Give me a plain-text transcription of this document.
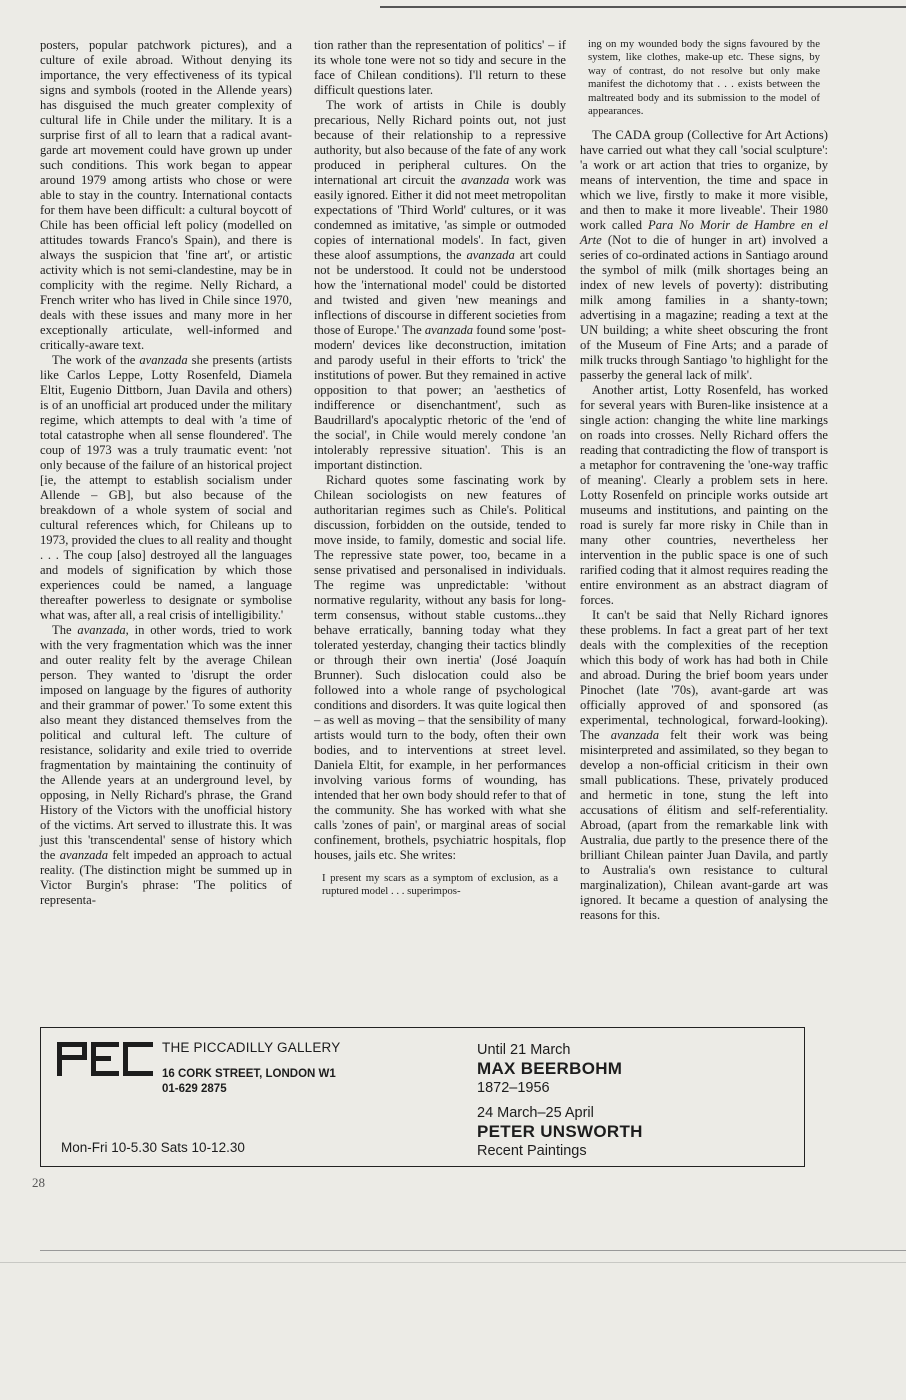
posters, popular patchwork pictures), and a culture of exile abroad. Without denying its importance, the very effectiveness of its typical signs and symbols (rooted in the Allende years) has disguised the much greater complexity of cultural life in Chile under the military. It is a surprise first of all to learn that a radical avant-garde art movement could have grown up under such conditions. This work began to appear around 1979 among artists who chose or were able to stay in the country. International contacts for them have been difficult: a cultural boycott of Chile has been official left policy (modelled on attitudes towards Franco's Spain), and there is always the suspicion that 'fine art', or artistic activity which is not semi-clandestine, may be in complicity with the regime. Nelly Richard, a French writer who has lived in Chile since 1970, deals with these issues and many more in her exceptionally articulate, well-informed and critically-aware text.

The work of the avanzada she presents (artists like Carlos Leppe, Lotty Rosenfeld, Diamela Eltit, Eugenio Dittborn, Juan Davila and others) is of an unofficial art produced under the military regime, which attempts to deal with 'a time of total catastrophe when all sense floundered'. The coup of 1973 was a truly traumatic event: 'not only because of the failure of an historical project [ie, the attempt to establish socialism under Allende – GB], but also because of the breakdown of a whole system of social and cultural references which, for Chileans up to 1973, provided the clues to all reality and thought . . . The coup [also] destroyed all the languages and models of signification by which those experiences could be named, a language thereafter powerless to designate or symbolise what was, after all, a real crisis of intelligibility.'

The avanzada, in other words, tried to work with the very fragmentation which was the inner and outer reality felt by the average Chilean person. They wanted to 'disrupt the order imposed on language by the figures of authority and their grammar of power.' To some extent this also meant they distanced themselves from the political and cultural left. The culture of resistance, solidarity and exile tried to override fragmentation by maintaining the continuity of the Allende years at an underground level, by opposing, in Nelly Richard's phrase, the Grand History of the Victors with the unofficial history of the victims. Art served to illustrate this. It was just this 'transcendental' sense of history which the avanzada felt impeded an approach to actual reality. (The distinction might be summed up in Victor Burgin's phrase: 'The politics of representa-

tion rather than the representation of politics' – if its whole tone were not so tidy and secure in the face of Chilean conditions). I'll return to these difficult questions later.

The work of artists in Chile is doubly precarious, Nelly Richard points out, not just because of their relationship to a repressive authority, but also because of the fate of any work produced in peripheral cultures. On the international art circuit the avanzada work was easily ignored. Either it did not meet metropolitan expectations of 'Third World' cultures, or it was condemned as imitative, 'as simple or outmoded copies of international models'. In fact, given these aloof assumptions, the avanzada art could not be understood. It could not be understood how the 'international model' could be distorted and twisted and given 'new meanings and inflections of discourse in different societies from those of Europe.' The avanzada found some 'post-modern' devices like deconstruction, imitation and parody useful in their efforts to 'trick' the institutions of power. But they remained in active opposition to that power; an 'aesthetics of indifference or disenchantment', such as Baudrillard's apocalyptic rhetoric of the 'end of the social', in Chile would merely condone 'an intolerably repressive situation'. This is an important distinction.

Richard quotes some fascinating work by Chilean sociologists on new features of authoritarian regimes such as Chile's. Political discussion, forbidden on the outside, tended to move inside, to family, domestic and social life. The repressive state power, too, became in a sense privatised and personalised in individuals. The regime was unpredictable: 'without normative regularity, without any basis for long-term consensus, without stable customs...they behave erratically, banning today what they tolerated yesterday, changing their tactics blindly or through their own inertia' (José Joaquín Brunner). Such dislocation could also be followed into a whole range of psychological conditions and disorders. It was quite logical then – as well as moving – that the sensibility of many artists would turn to the body, often their own bodies, and to interventions at street level. Daniela Eltit, for example, in her performances involving various forms of wounding, has intended that her own body should refer to that of the community. She has worked with what she calls 'zones of pain', or marginal areas of social confinement, brothels, psychiatric hospitals, flop houses, jails etc. She writes:

I present my scars as a symptom of exclusion, as a ruptured model . . . superimpos-

ing on my wounded body the signs favoured by the system, like clothes, make-up etc. These signs, by way of contrast, do not resolve but only make manifest the dichotomy that . . . exists between the maltreated body and its submission to the model of appearances.

The CADA group (Collective for Art Actions) have carried out what they call 'social sculpture': 'a work or art action that tries to organize, by means of intervention, the time and space in which we live, firstly to make it more visible, and then to make it more liveable'. Their 1980 work called Para No Morir de Hambre en el Arte (Not to die of hunger in art) involved a series of co-ordinated actions in Santiago around the symbol of milk (milk shortages being an index of new levels of poverty): distributing milk among families in a shanty-town; advertising in a magazine; reading a text at the UN building; a white sheet obscuring the front of the Museum of Fine Arts; and a parade of milk trucks through Santiago 'to highlight for the passerby the general lack of milk'.

Another artist, Lotty Rosenfeld, has worked for several years with Buren-like insistence at a single action: changing the white line markings on roads into crosses. Nelly Richard offers the reading that contradicting the flow of transport is a metaphor for contravening the 'one-way traffic of meaning'. Clearly a problem sets in here. Lotty Rosenfeld on principle works outside art museums and institutions, and painting on the road is surely far more risky in Chile than in many other countries, nevertheless her intervention in the public space is one of such rarified coding that it almost requires reading the entire environment as an abstract diagram of forces.

It can't be said that Nelly Richard ignores these problems. In fact a great part of her text deals with the complexities of the reception which this body of work has had both in Chile and abroad. During the brief boom years under Pinochet (late '70s), avant-garde art was officially approved of and sponsored (as experimental, technological, forward-looking). The avanzada felt their work was being misinterpreted and assimilated, so they began to develop a non-official criticism in their own small publications. These, privately produced and hermetic in tone, stung the left into accusations of élitism and self-referentiality. Abroad, (apart from the remarkable link with Australia, due partly to the presence there of the brilliant Chilean painter Juan Davila, and partly to Australia's own resistance to cultural marginalization), Chilean avant-garde art was ignored. It became a question of analysing the reasons for this.

THE PICCADILLY GALLERY
16 CORK STREET, LONDON W1
01-629 2875
Mon-Fri 10-5.30 Sats 10-12.30
Until 21 March
MAX BEERBOHM
1872–1956
24 March–25 April
PETER UNSWORTH
Recent Paintings
28
